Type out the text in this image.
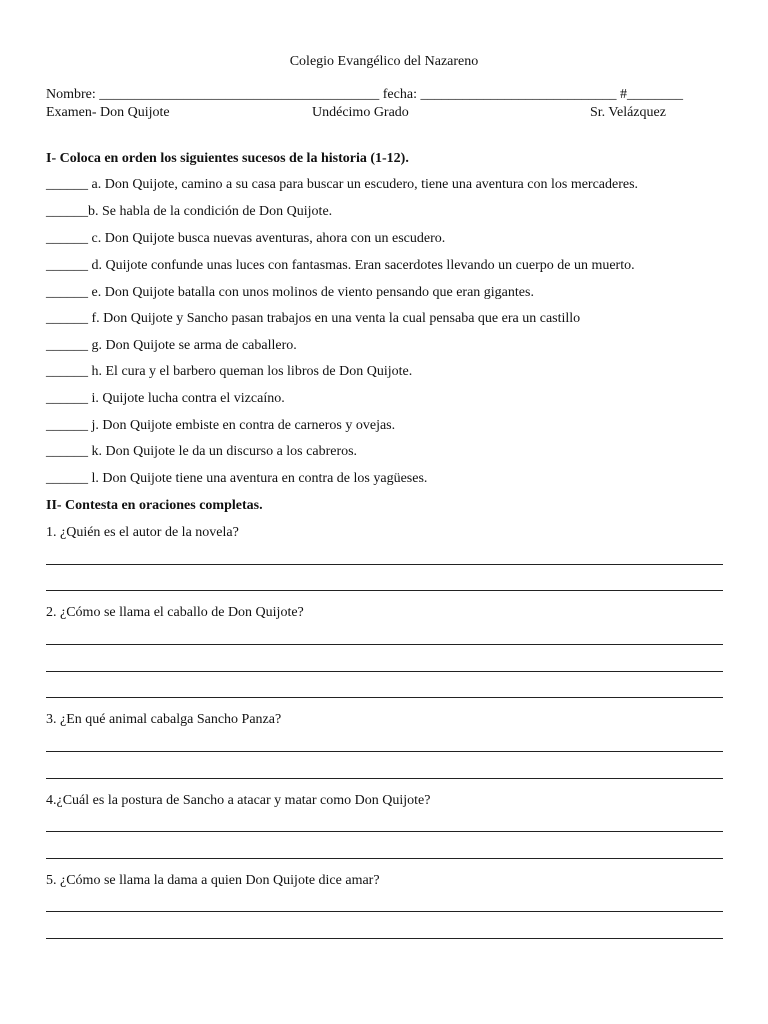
Colegio Evangélico del Nazareno
Nombre: ________________________________________ fecha: ____________________________ #________
Examen- Don Quijote	Undécimo Grado	Sr. Velázquez
I- Coloca en orden los siguientes sucesos de la historia (1-12).
______ a. Don Quijote, camino a su casa para buscar un escudero, tiene una aventura con los mercaderes.
______b. Se habla de la condición de Don Quijote.
______ c. Don Quijote busca nuevas aventuras, ahora con un escudero.
______ d. Quijote confunde unas luces con fantasmas. Eran sacerdotes llevando un cuerpo de un muerto.
______ e. Don Quijote batalla con unos molinos de viento pensando que eran gigantes.
______ f. Don Quijote y Sancho pasan trabajos en una venta la cual pensaba que era un castillo
______ g. Don Quijote se arma de caballero.
______ h. El cura y el barbero queman los libros de Don Quijote.
______ i. Quijote lucha contra el vizcaíno.
______ j. Don Quijote embiste en contra de carneros y ovejas.
______ k. Don Quijote le da un discurso a los cabreros.
______ l. Don Quijote tiene una aventura en contra de los yagüeses.
II- Contesta en oraciones completas.
1. ¿Quién es el autor de la novela?
2. ¿Cómo se llama el caballo de Don Quijote?
3. ¿En qué animal cabalga Sancho Panza?
4.¿Cuál es la postura de Sancho a atacar y matar como Don Quijote?
5. ¿Cómo se llama la dama a quien Don Quijote dice amar?
